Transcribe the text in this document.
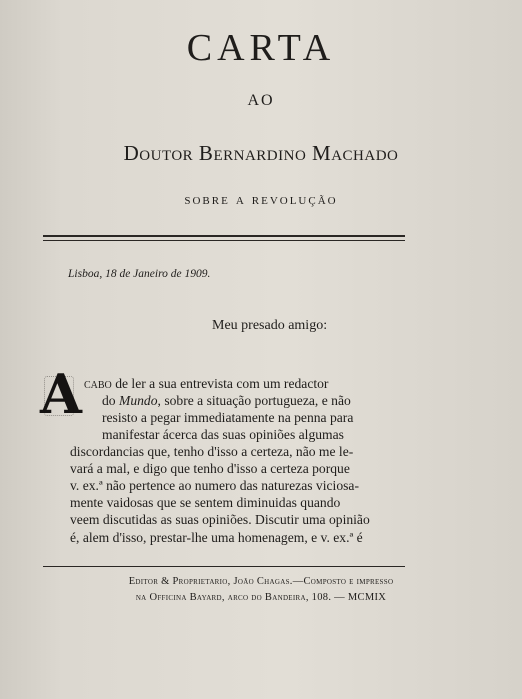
CARTA
AO
Doutor Bernardino Machado
sobre a revolução
Lisboa, 18 de Janeiro de 1909.
Meu presado amigo:
A cabo de ler a sua entrevista com um redactor
do Mundo, sobre a situação portugueza, e não
resisto a pegar immediatamente na penna para
manifestar ácerca das suas opiniões algumas
discordancias que, tenho d'isso a certeza, não me le-
vará a mal, e digo que tenho d'isso a certeza porque
v. ex.ª não pertence ao numero das naturezas viciosa-
mente vaidosas que se sentem diminuidas quando
veem discutidas as suas opiniões. Discutir uma opinião
é, alem d'isso, prestar-lhe uma homenagem, e v. ex.ª é
Editor & Proprietario, João Chagas.—Composto e impresso
na Officina Bayard, arco do Bandeira, 108. — MCMIX
